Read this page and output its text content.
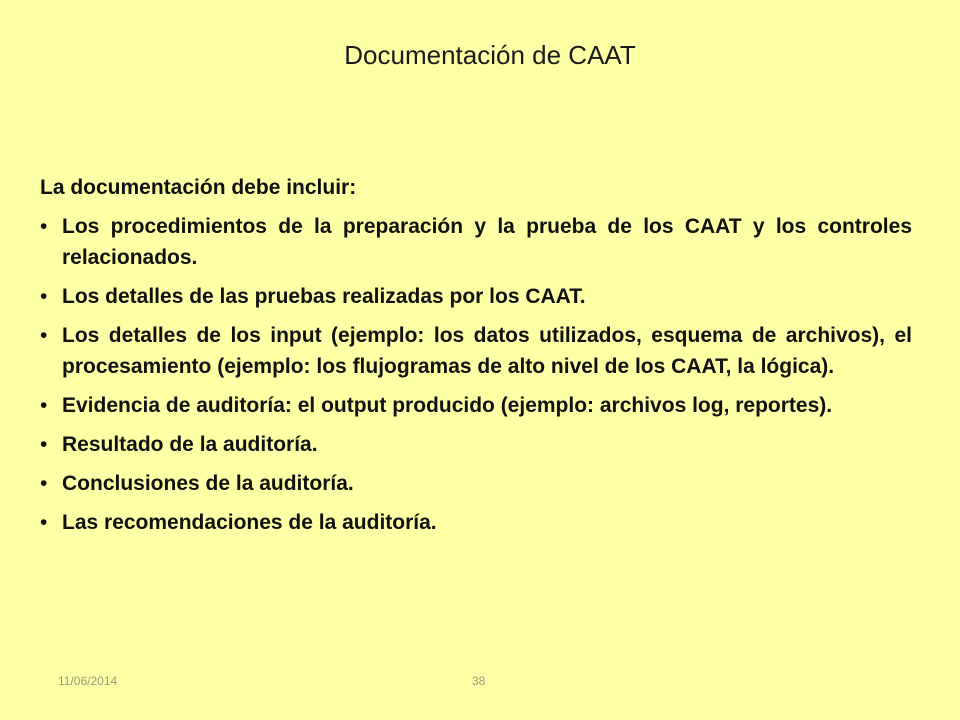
Documentación de CAAT

La documentación debe incluir:

• Los procedimientos de la preparación y la prueba de los CAAT y los controles relacionados.
• Los detalles de las pruebas realizadas por los CAAT.
• Los detalles de los input (ejemplo: los datos utilizados, esquema de archivos), el procesamiento (ejemplo: los flujogramas de alto nivel de los CAAT, la lógica).
• Evidencia de auditoría: el output producido (ejemplo: archivos log, reportes).
• Resultado de la auditoría.
• Conclusiones de la auditoría.
• Las recomendaciones de la auditoría.
11/06/2014	38
